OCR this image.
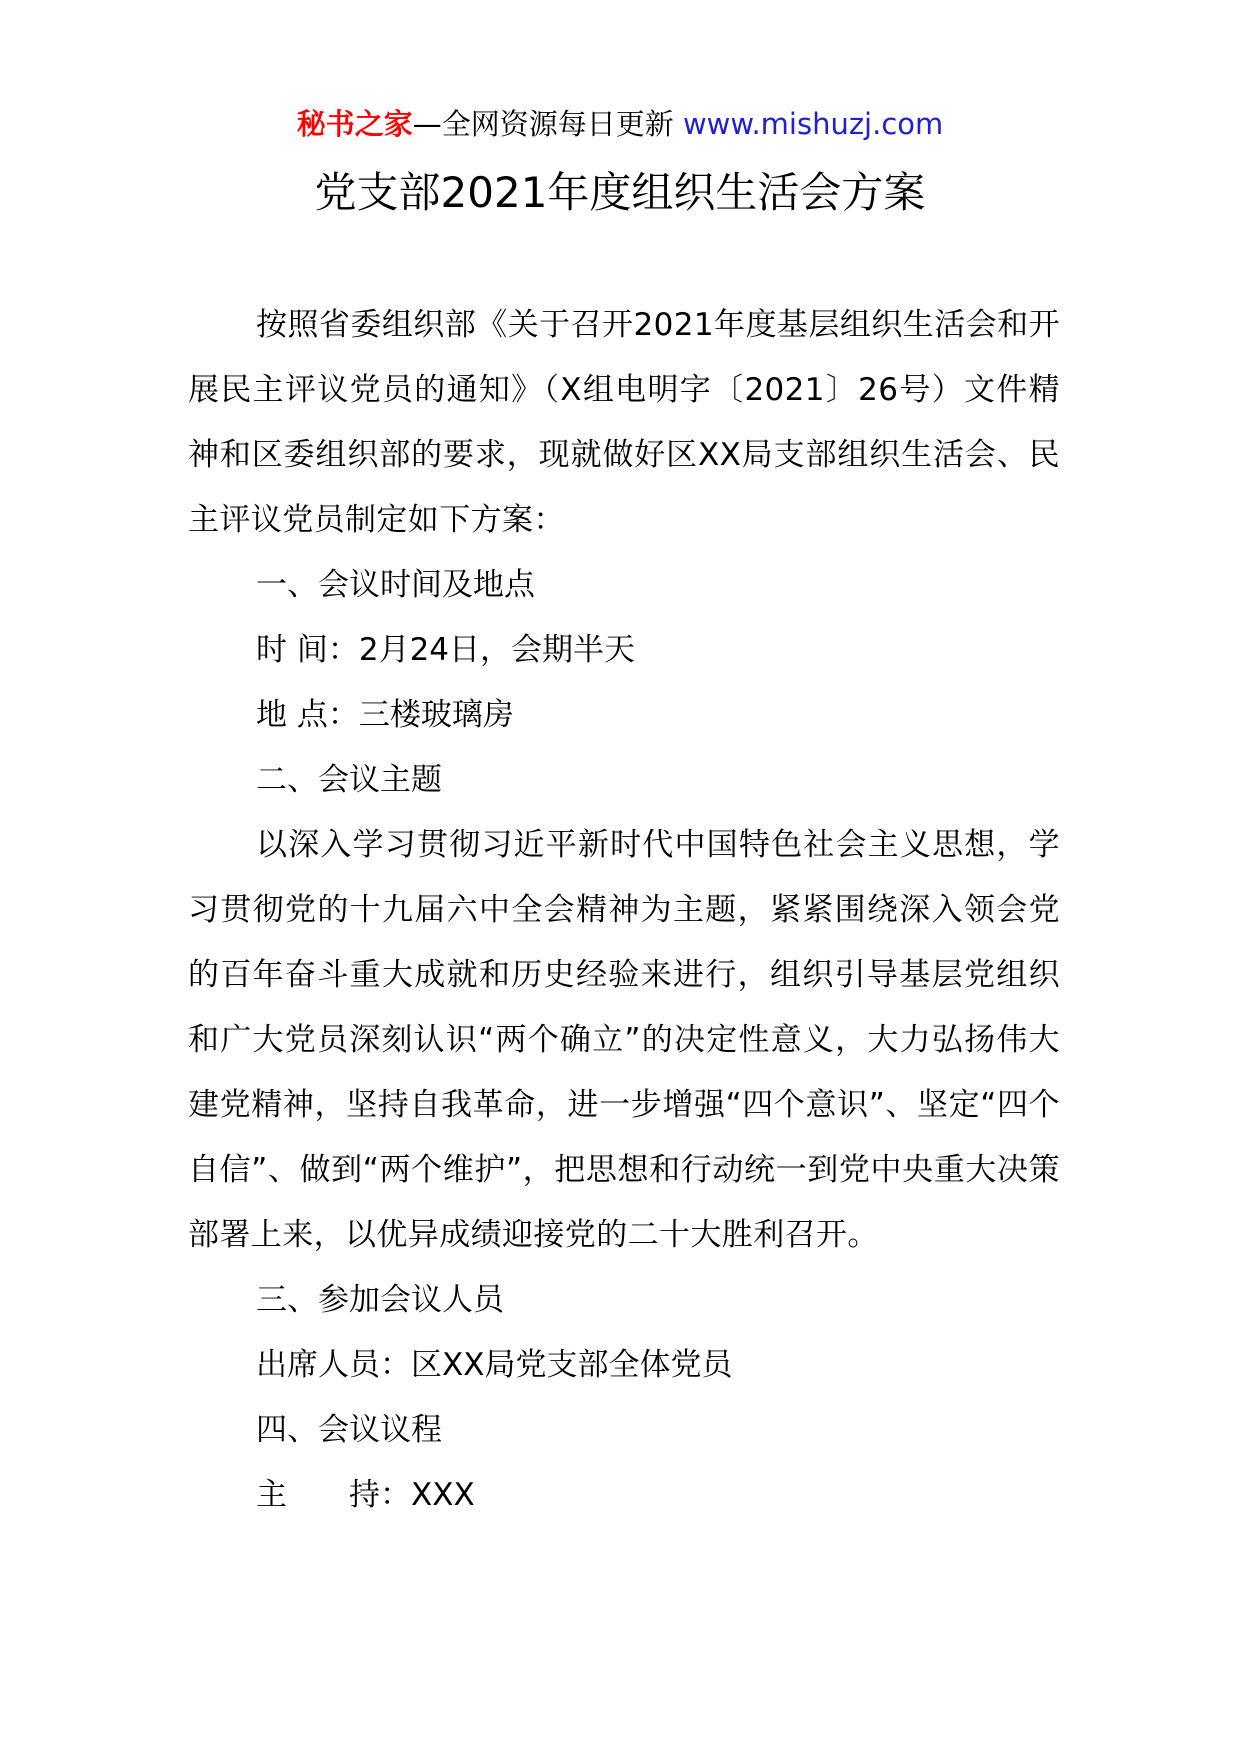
秘书之家—全网资源每日更新 www.mishuzj.com
党支部2021年度组织生活会方案

按照省委组织部《关于召开2021年度基层组织生活会和开展民主评议党员的通知》（X组电明字〔2021〕26号）文件精神和区委组织部的要求，现就做好区XX局支部组织生活会、民主评议党员制定如下方案：

一、会议时间及地点

时 间：2月24日，会期半天

地 点：三楼玻璃房

二、会议主题

以深入学习贯彻习近平新时代中国特色社会主义思想，学习贯彻党的十九届六中全会精神为主题，紧紧围绕深入领会党的百年奋斗重大成就和历史经验来进行，组织引导基层党组织和广大党员深刻认识“两个确立”的决定性意义，大力弘扬伟大建党精神，坚持自我革命，进一步增强“四个意识”、坚定“四个自信”、做到“两个维护”，把思想和行动统一到党中央重大决策部署上来，以优异成绩迎接党的二十大胜利召开。

三、参加会议人员

出席人员：区XX局党支部全体党员

四、会议议程

主　　持：XXX
